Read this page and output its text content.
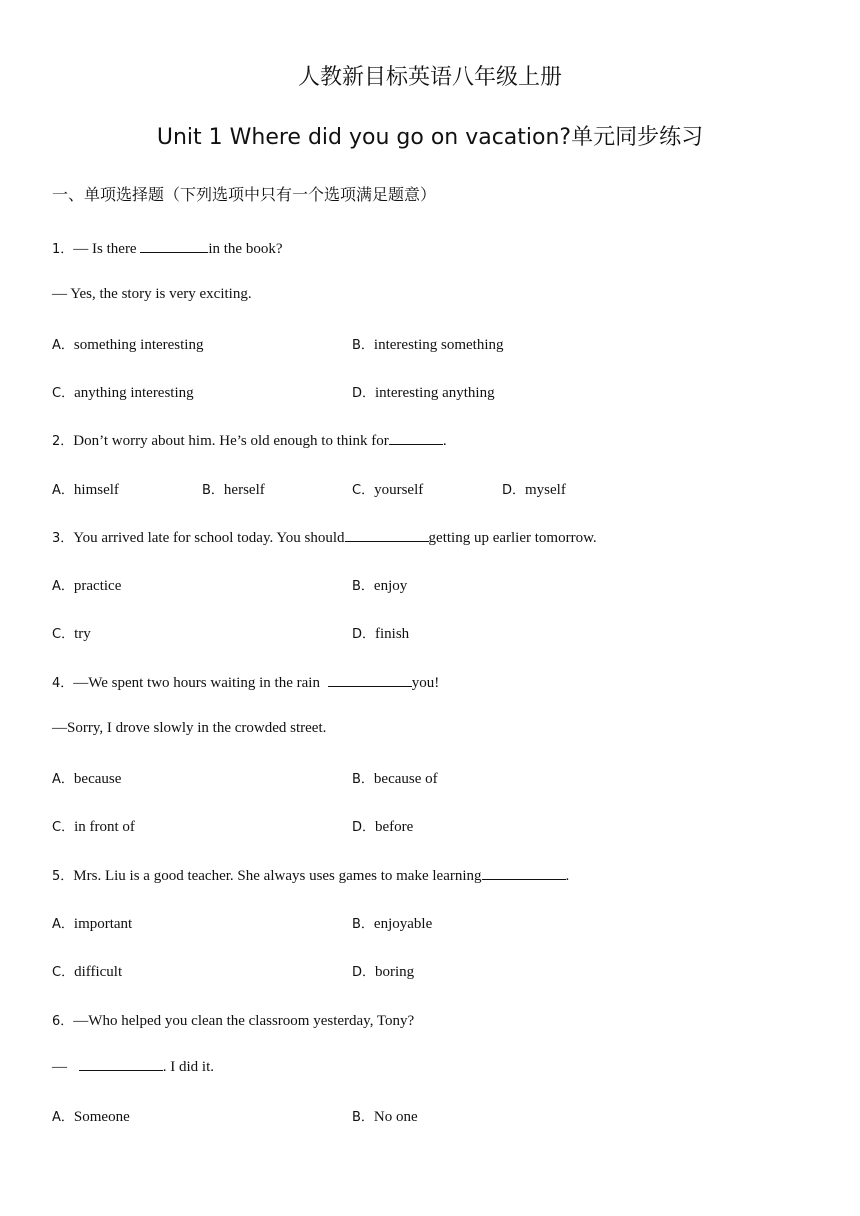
人教新目标英语八年级上册
Unit 1 Where did you go on vacation?单元同步练习
一、单项选择题（下列选项中只有一个选项满足题意）
1．— Is there	in the book?
— Yes, the story is very exciting.
A．something interesting	B．interesting something
C．anything interesting	D．interesting anything
2．Don’t worry about him. He’s old enough to think for	.
A．himself	B．herself	C．yourself	D．myself
3．You arrived late for school today. You should	getting up earlier tomorrow.
A．practice	B．enjoy
C．try	D．finish
4．—We spent two hours waiting in the rain	you!
—Sorry, I drove slowly in the crowded street.
A．because	B．because of
C．in front of	D．before
5．Mrs. Liu is a good teacher. She always uses games to make learning	.
A．important	B．enjoyable
C．difficult	D．boring
6．—Who helped you clean the classroom yesterday, Tony?
—	. I did it.
A．Someone	B．No one
